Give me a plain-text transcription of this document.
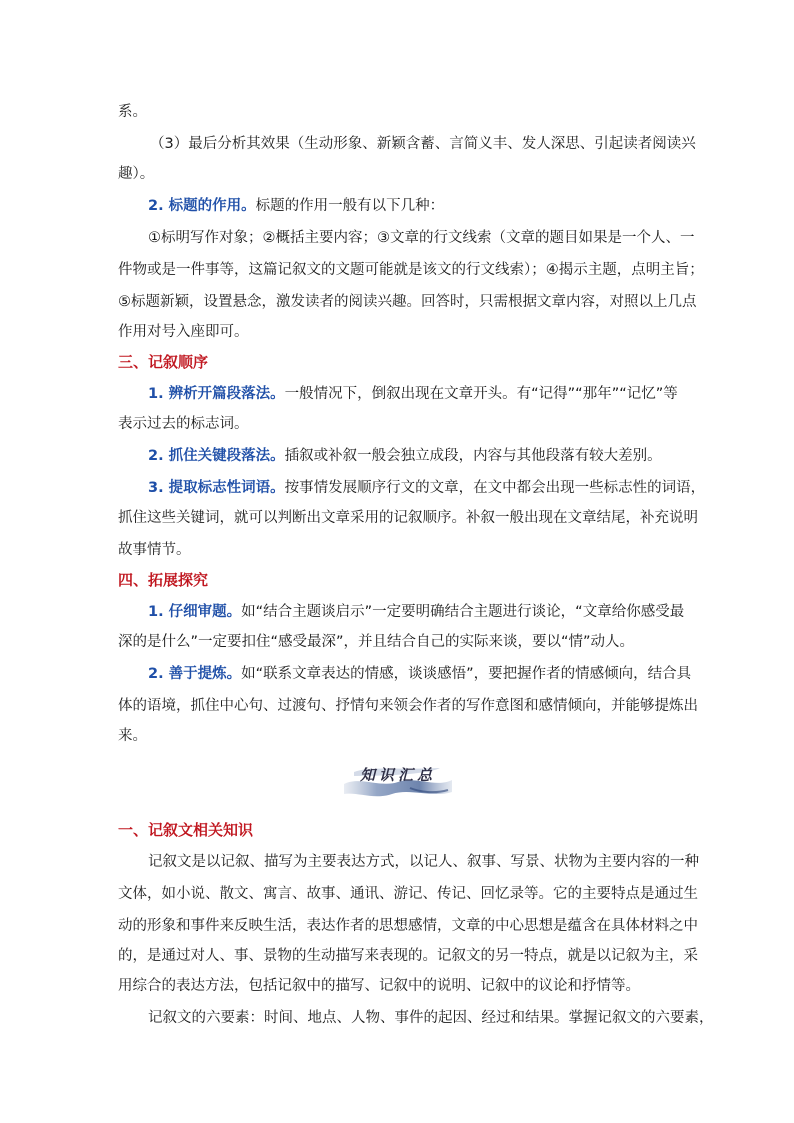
系。
（3）最后分析其效果（生动形象、新颖含蓄、言简义丰、发人深思、引起读者阅读兴
趣）。
2. 标题的作用。标题的作用一般有以下几种：
①标明写作对象；②概括主要内容；③文章的行文线索（文章的题目如果是一个人、一
件物或是一件事等，这篇记叙文的文题可能就是该文的行文线索）；④揭示主题，点明主旨；
⑤标题新颖，设置悬念，激发读者的阅读兴趣。回答时，只需根据文章内容，对照以上几点
作用对号入座即可。
三、记叙顺序
1. 辨析开篇段落法。一般情况下，倒叙出现在文章开头。有“记得”“那年”“记忆”等
表示过去的标志词。
2. 抓住关键段落法。插叙或补叙一般会独立成段，内容与其他段落有较大差别。
3. 提取标志性词语。按事情发展顺序行文的文章，在文中都会出现一些标志性的词语，
抓住这些关键词，就可以判断出文章采用的记叙顺序。补叙一般出现在文章结尾，补充说明
故事情节。
四、拓展探究
1. 仔细审题。如“结合主题谈启示”一定要明确结合主题进行谈论，“文章给你感受最
深的是什么”一定要扣住“感受最深”，并且结合自己的实际来谈，要以“情”动人。
2. 善于提炼。如“联系文章表达的情感，谈谈感悟”，要把握作者的情感倾向，结合具
体的语境，抓住中心句、过渡句、抒情句来领会作者的写作意图和感情倾向，并能够提炼出
来。
知识汇总
一、记叙文相关知识
记叙文是以记叙、描写为主要表达方式，以记人、叙事、写景、状物为主要内容的一种
文体，如小说、散文、寓言、故事、通讯、游记、传记、回忆录等。它的主要特点是通过生
动的形象和事件来反映生活，表达作者的思想感情，文章的中心思想是蕴含在具体材料之中
的，是通过对人、事、景物的生动描写来表现的。记叙文的另一特点，就是以记叙为主，采
用综合的表达方法，包括记叙中的描写、记叙中的说明、记叙中的议论和抒情等。
记叙文的六要素：时间、地点、人物、事件的起因、经过和结果。掌握记叙文的六要素，
